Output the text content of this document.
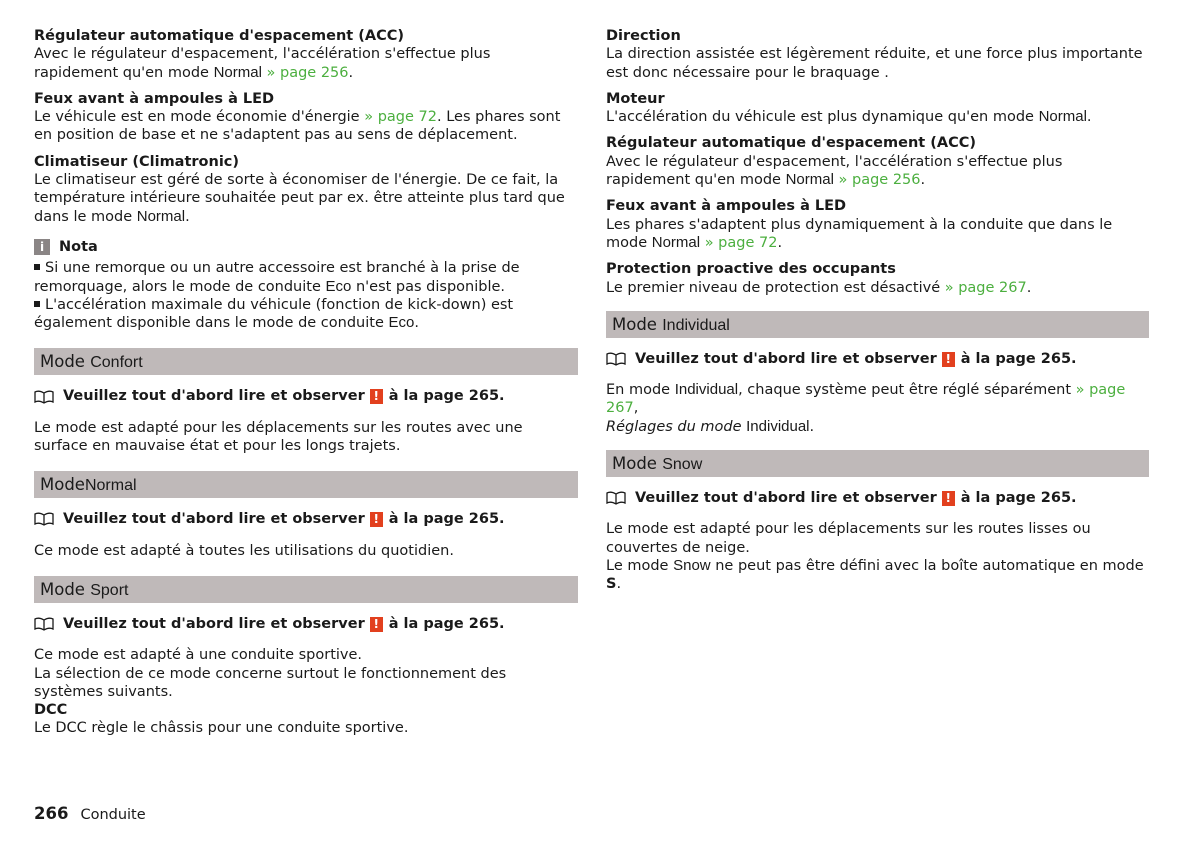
Régulateur automatique d'espacement (ACC)

Avec le régulateur d'espacement, l'accélération s'effectue plus rapidement qu'en mode Normal » page 256.

Feux avant à ampoules à LED

Le véhicule est en mode économie d'énergie » page 72. Les phares sont en position de base et ne s'adaptent pas au sens de déplacement.

Climatiseur (Climatronic)

Le climatiseur est géré de sorte à économiser de l'énergie. De ce fait, la température intérieure souhaitée peut par ex. être atteinte plus tard que dans le mode Normal.

i	Nota

Si une remorque ou un autre accessoire est branché à la prise de remorquage, alors le mode de conduite Eco n'est pas disponible.

L'accélération maximale du véhicule (fonction de kick-down) est également disponible dans le mode de conduite Eco.

Mode Confort
Veuillez tout d'abord lire et observer ! à la page 265.

Le mode est adapté pour les déplacements sur les routes avec une surface en mauvaise état et pour les longs trajets.

ModeNormal
Veuillez tout d'abord lire et observer ! à la page 265.

Ce mode est adapté à toutes les utilisations du quotidien.

Mode Sport
Veuillez tout d'abord lire et observer ! à la page 265.

Ce mode est adapté à une conduite sportive.

La sélection de ce mode concerne surtout le fonctionnement des systèmes suivants.

DCC

Le DCC règle le châssis pour une conduite sportive.

Direction

La direction assistée est légèrement réduite, et une force plus importante est donc nécessaire pour le braquage .

Moteur

L'accélération du véhicule est plus dynamique qu'en mode Normal.

Régulateur automatique d'espacement (ACC)

Avec le régulateur d'espacement, l'accélération s'effectue plus rapidement qu'en mode Normal » page 256.

Feux avant à ampoules à LED

Les phares s'adaptent plus dynamiquement à la conduite que dans le mode Normal » page 72.

Protection proactive des occupants

Le premier niveau de protection est désactivé » page 267.

Mode Individual
Veuillez tout d'abord lire et observer ! à la page 265.

En mode Individual, chaque système peut être réglé séparément » page 267,
Réglages du mode Individual.

Mode Snow
Veuillez tout d'abord lire et observer ! à la page 265.

Le mode est adapté pour les déplacements sur les routes lisses ou couvertes de neige.

Le mode Snow ne peut pas être défini avec la boîte automatique en mode S.

266 Conduite
